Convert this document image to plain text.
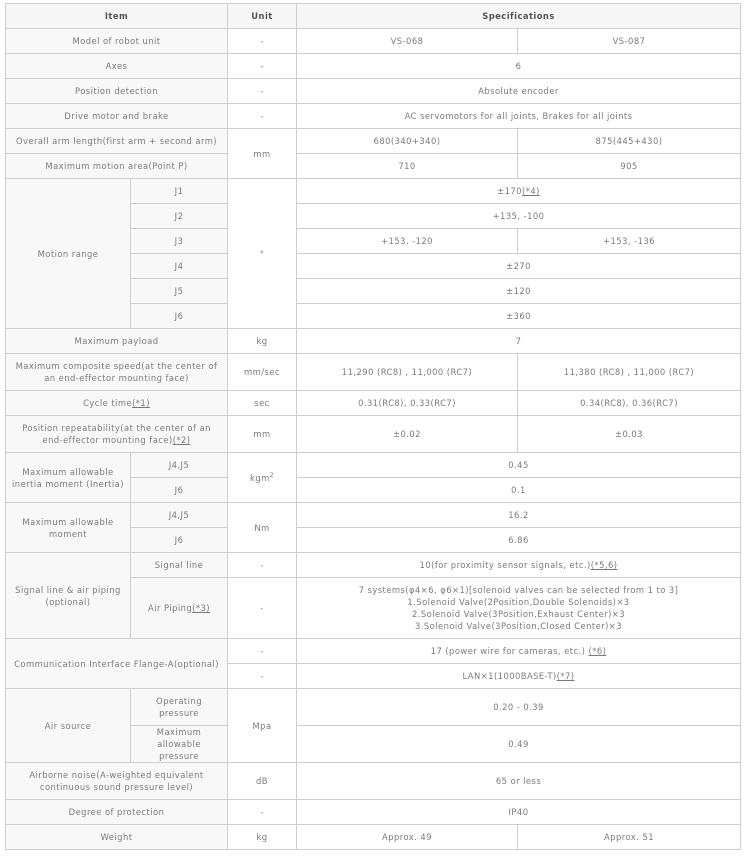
Item		Unit	Specifications	
Model of robot unit		-	VS-068	VS-087
Axes		-	6	
Position detection		-	Absolute encoder	
Drive motor and brake		-	AC servomotors for all joints, Brakes for all joints	
Overall arm length(first arm + second arm)		mm	680(340+340)	875(445+430)
Maximum motion area(Point P)			710	905
Motion range	J1	°	±170(*4)	
	J2		+135, -100	
	J3		+153, -120	+153, -136
	J4		±270	
	J5		±120	
	J6		±360	
Maximum payload		kg	7	
Maximum composite speed(at the center of an end-effector mounting face)		mm/sec	11,290 (RC8) , 11,000 (RC7)	11,380 (RC8) , 11,000 (RC7)
Cycle time(*1)		sec	0.31(RC8), 0.33(RC7)	0.34(RC8), 0.36(RC7)
Position repeatability(at the center of an end-effector mounting face)(*2)		mm	±0.02	±0.03
Maximum allowable inertia moment (Inertia)	J4,J5	kgm$^2$	0.45	
	J6		0.1	
Maximum allowable moment	J4,J5	Nm	16.2	
	J6		6.86	
Signal line & air piping (optional)	Signal line	-	10(for proximity sensor signals, etc.)(*5,6)	
	Air Piping(*3)	-	7 systems(φ4×6, φ6×1)[solenoid valves can be selected from 1 to 3]
1.Solenoid Valve(2Position,Double Solenoids)×3
2.Solenoid Valve(3Position,Exhaust Center)×3
3.Solenoid Valve(3Position,Closed Center)×3	

Communication Interface Flange-A(optional)		-	17 (power wire for cameras, etc.) (*6)	
		-	LAN×1(1000BASE-T)(*7)	
Air source	Operating pressure	Mpa	0.20 - 0.39	
	Maximum allowable pressure		0.49	
Airborne noise(A-weighted equivalent continuous sound pressure level)		dB	65 or less	
Degree of protection		-	IP40	
Weight		kg	Approx. 49	Approx. 51
